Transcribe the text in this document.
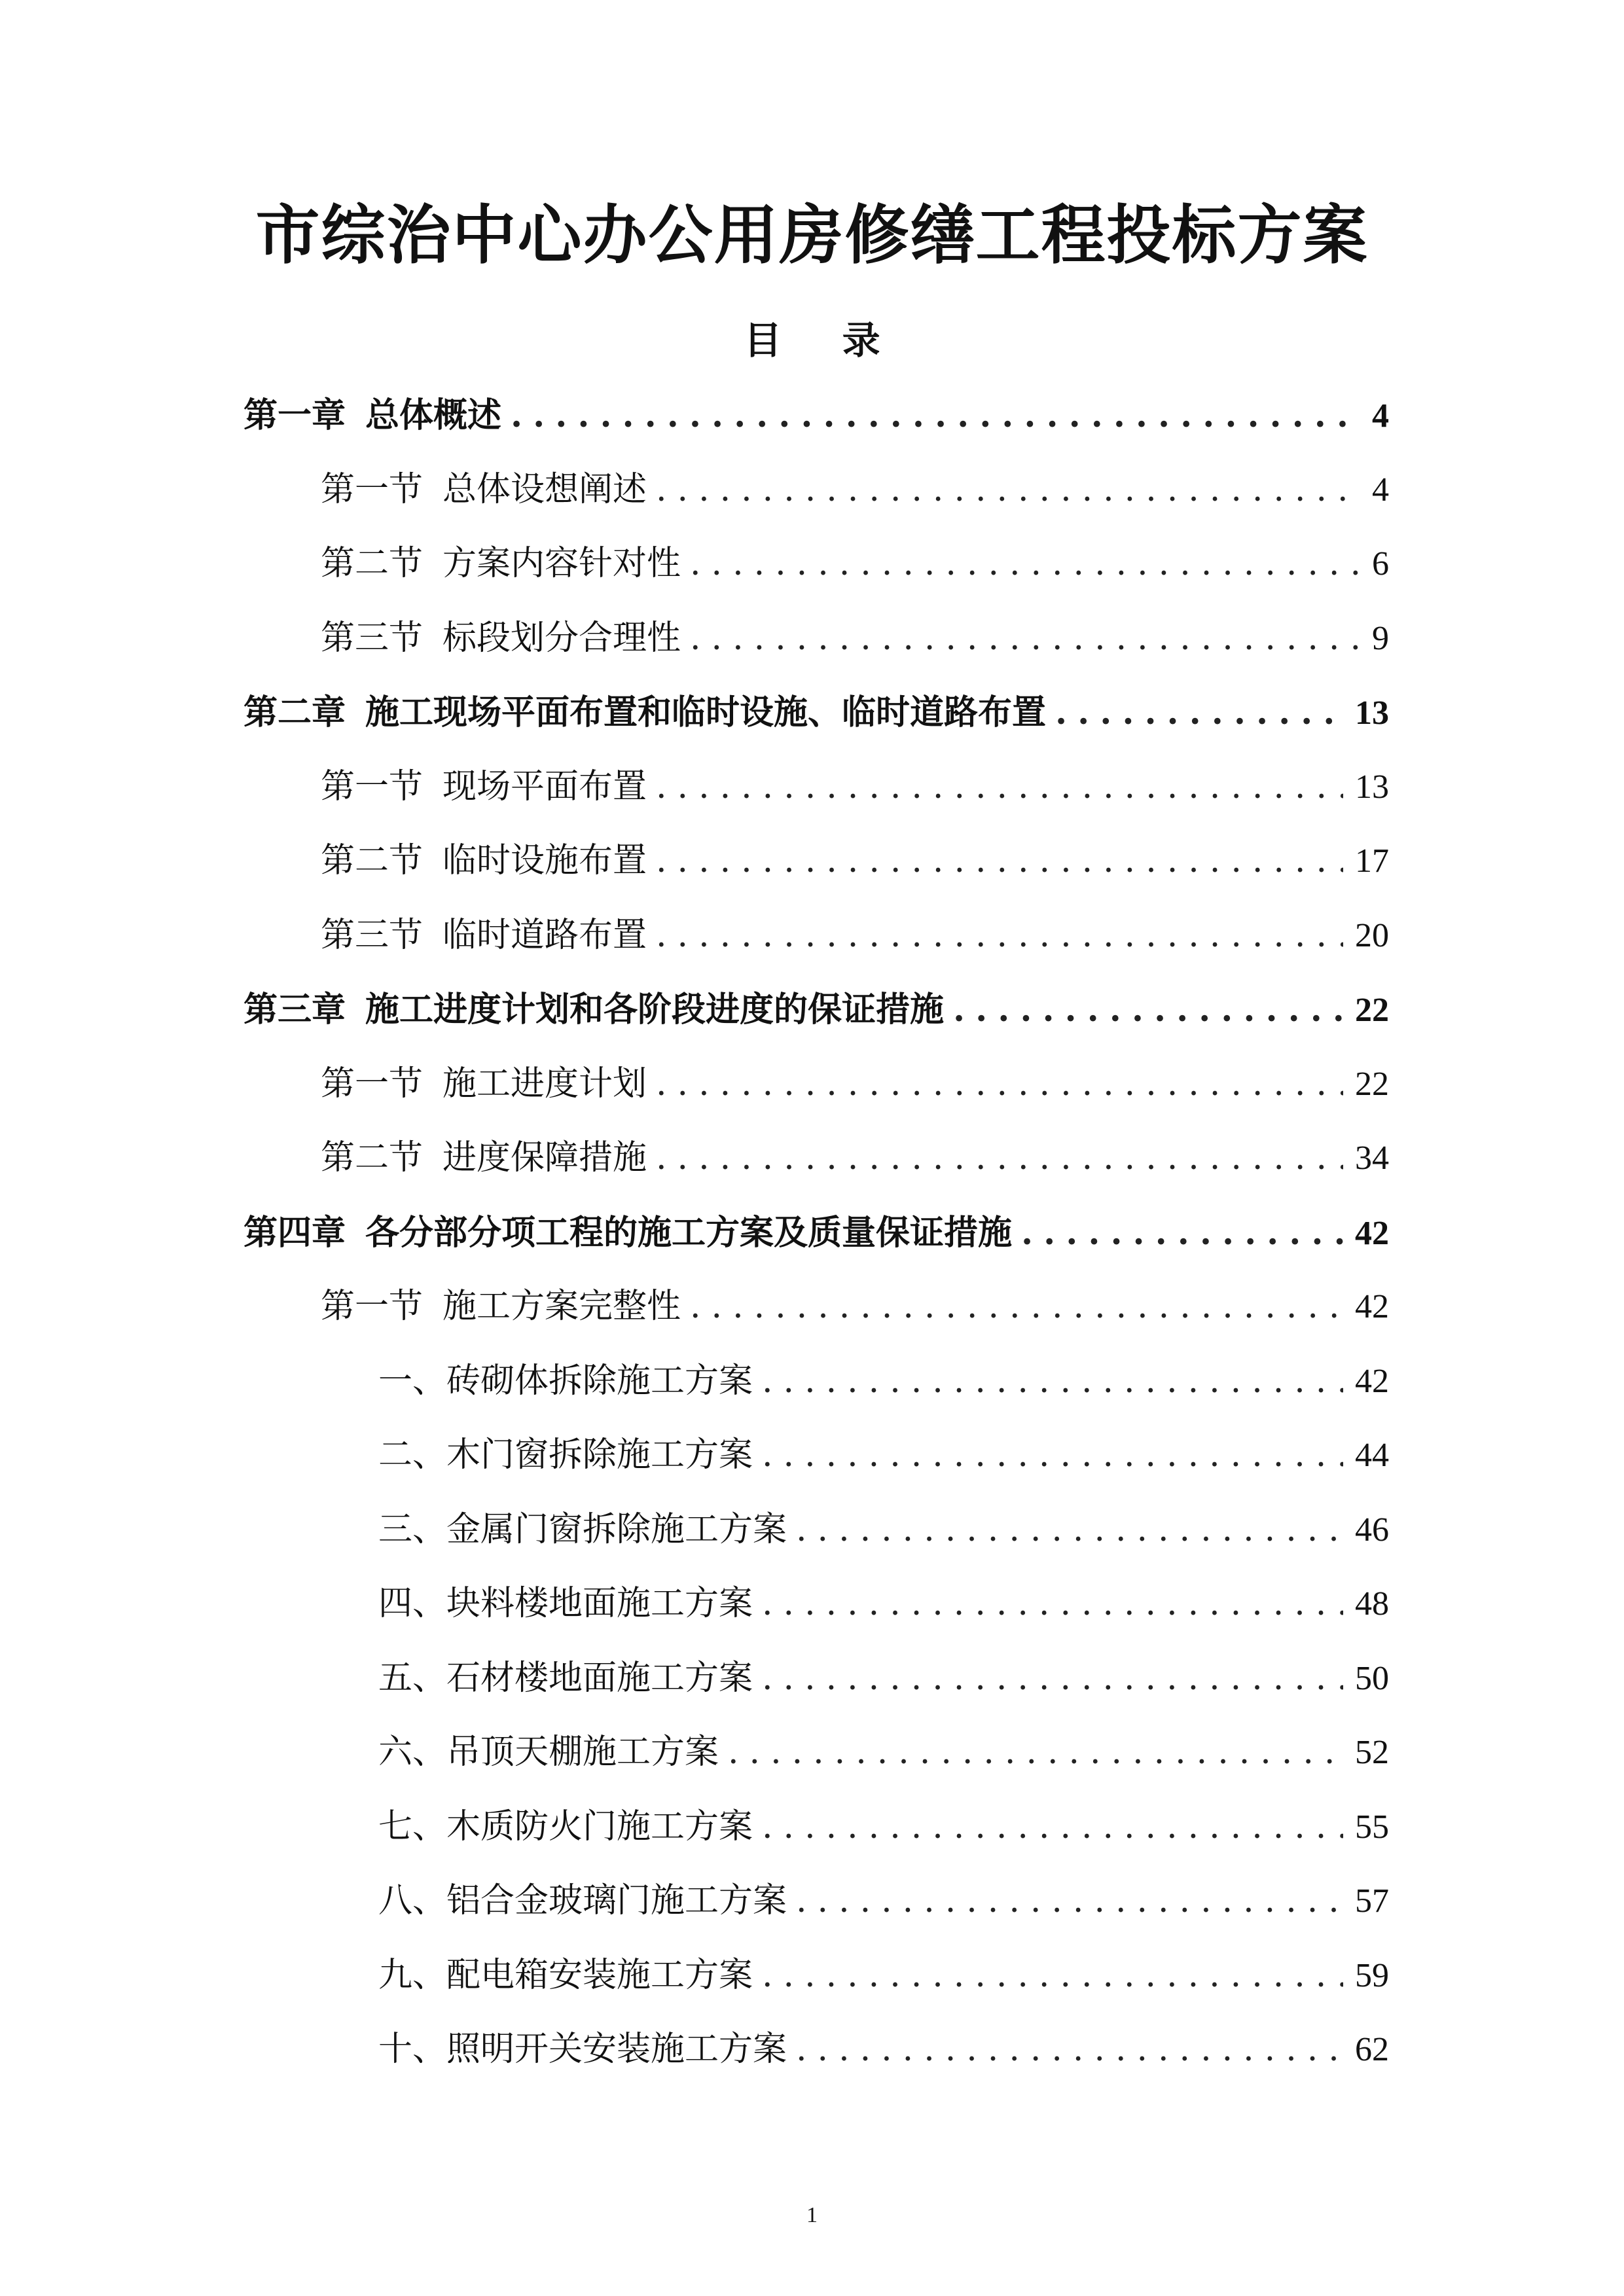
市综治中心办公用房修缮工程投标方案
目 录
第一章 总体概述 .....	4
第一节 总体设想阐述 .....	4
第二节 方案内容针对性 .....	6
第三节 标段划分合理性 .....	9
第二章 施工现场平面布置和临时设施、临时道路布置 .....	13
第一节 现场平面布置 .....	13
第二节 临时设施布置 .....	17
第三节 临时道路布置 .....	20
第三章 施工进度计划和各阶段进度的保证措施 .....	22
第一节 施工进度计划 .....	22
第二节 进度保障措施 .....	34
第四章 各分部分项工程的施工方案及质量保证措施 .....	42
第一节 施工方案完整性 .....	42
一、砖砌体拆除施工方案 .....	42
二、木门窗拆除施工方案 .....	44
三、金属门窗拆除施工方案 .....	46
四、块料楼地面施工方案 .....	48
五、石材楼地面施工方案 .....	50
六、吊顶天棚施工方案 .....	52
七、木质防火门施工方案 .....	55
八、铝合金玻璃门施工方案 .....	57
九、配电箱安装施工方案 .....	59
十、照明开关安装施工方案 .....	62
1
